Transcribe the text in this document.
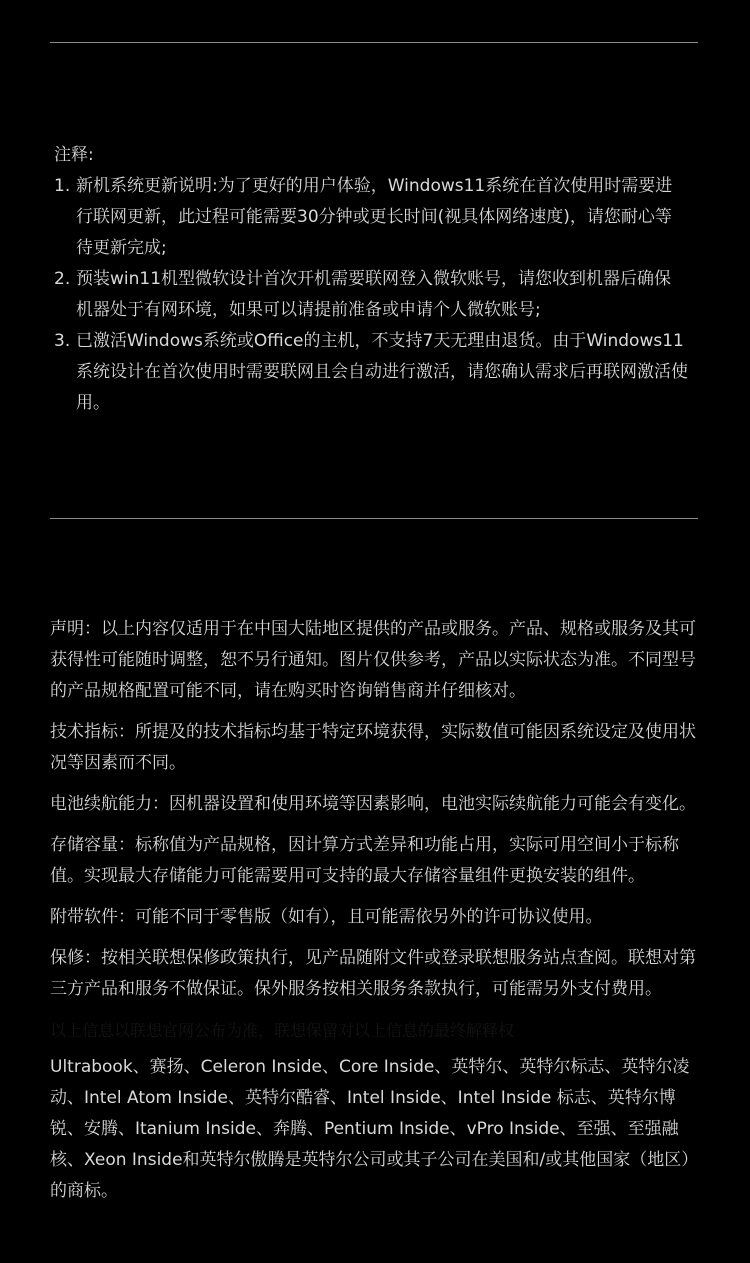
注释:
1. 新机系统更新说明:为了更好的用户体验，Windows11系统在首次使用时需要进行联网更新，此过程可能需要30分钟或更长时间(视具体网络速度)，请您耐心等待更新完成;
2. 预装win11机型微软设计首次开机需要联网登入微软账号，请您收到机器后确保机器处于有网环境，如果可以请提前准备或申请个人微软账号;
3. 已激活Windows系统或Office的主机，不支持7天无理由退货。由于Windows11系统设计在首次使用时需要联网且会自动进行激活，请您确认需求后再联网激活使用。

声明：以上内容仅适用于在中国大陆地区提供的产品或服务。产品、规格或服务及其可获得性可能随时调整，恕不另行通知。图片仅供参考，产品以实际状态为准。不同型号的产品规格配置可能不同，请在购买时咨询销售商并仔细核对。

技术指标：所提及的技术指标均基于特定环境获得，实际数值可能因系统设定及使用状况等因素而不同。

电池续航能力：因机器设置和使用环境等因素影响，电池实际续航能力可能会有变化。

存储容量：标称值为产品规格，因计算方式差异和功能占用，实际可用空间小于标称值。实现最大存储能力可能需要用可支持的最大存储容量组件更换安装的组件。

附带软件：可能不同于零售版（如有），且可能需依另外的许可协议使用。

保修：按相关联想保修政策执行，见产品随附文件或登录联想服务站点查阅。联想对第三方产品和服务不做保证。保外服务按相关服务条款执行，可能需另外支付费用。

以上信息以联想官网公布为准，联想保留对以上信息的最终解释权

Ultrabook、赛扬、Celeron Inside、Core Inside、英特尔、英特尔标志、英特尔凌动、Intel Atom Inside、英特尔酷睿、Intel Inside、Intel Inside 标志、英特尔博锐、安腾、Itanium Inside、奔腾、Pentium Inside、vPro Inside、至强、至强融核、Xeon Inside和英特尔傲腾是英特尔公司或其子公司在美国和/或其他国家（地区）的商标。
